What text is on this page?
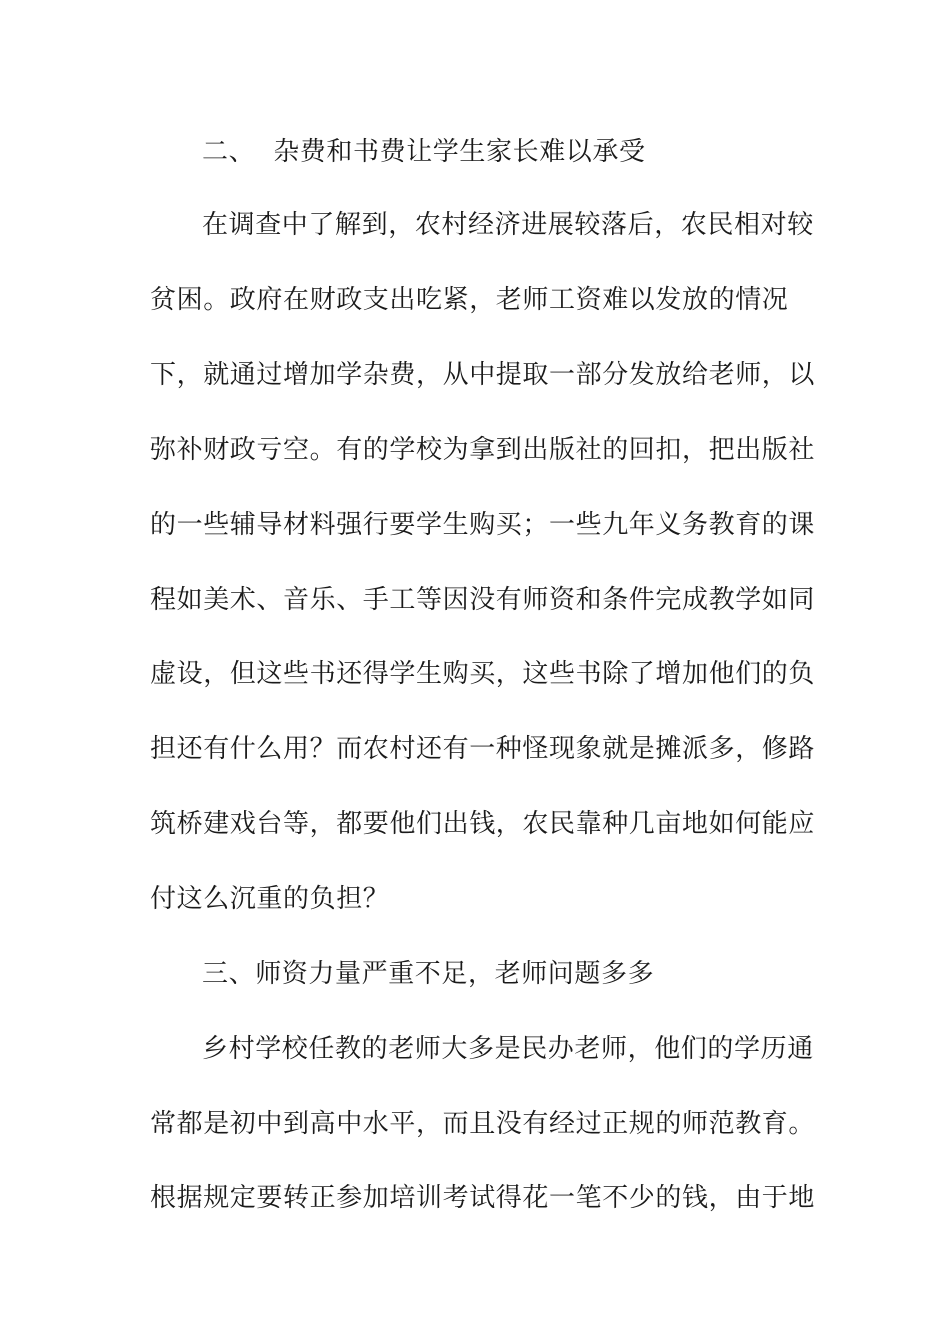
二、 杂费和书费让学生家长难以承受
在调查中了解到，农村经济进展较落后，农民相对较
贫困。政府在财政支出吃紧，老师工资难以发放的情况
下，就通过增加学杂费，从中提取一部分发放给老师，以
弥补财政亏空。有的学校为拿到出版社的回扣，把出版社
的一些辅导材料强行要学生购买；一些九年义务教育的课
程如美术、音乐、手工等因没有师资和条件完成教学如同
虚设，但这些书还得学生购买，这些书除了增加他们的负
担还有什么用？而农村还有一种怪现象就是摊派多，修路
筑桥建戏台等，都要他们出钱，农民靠种几亩地如何能应
付这么沉重的负担？
三、师资力量严重不足，老师问题多多
乡村学校任教的老师大多是民办老师，他们的学历通
常都是初中到高中水平，而且没有经过正规的师范教育。
根据规定要转正参加培训考试得花一笔不少的钱，由于地
